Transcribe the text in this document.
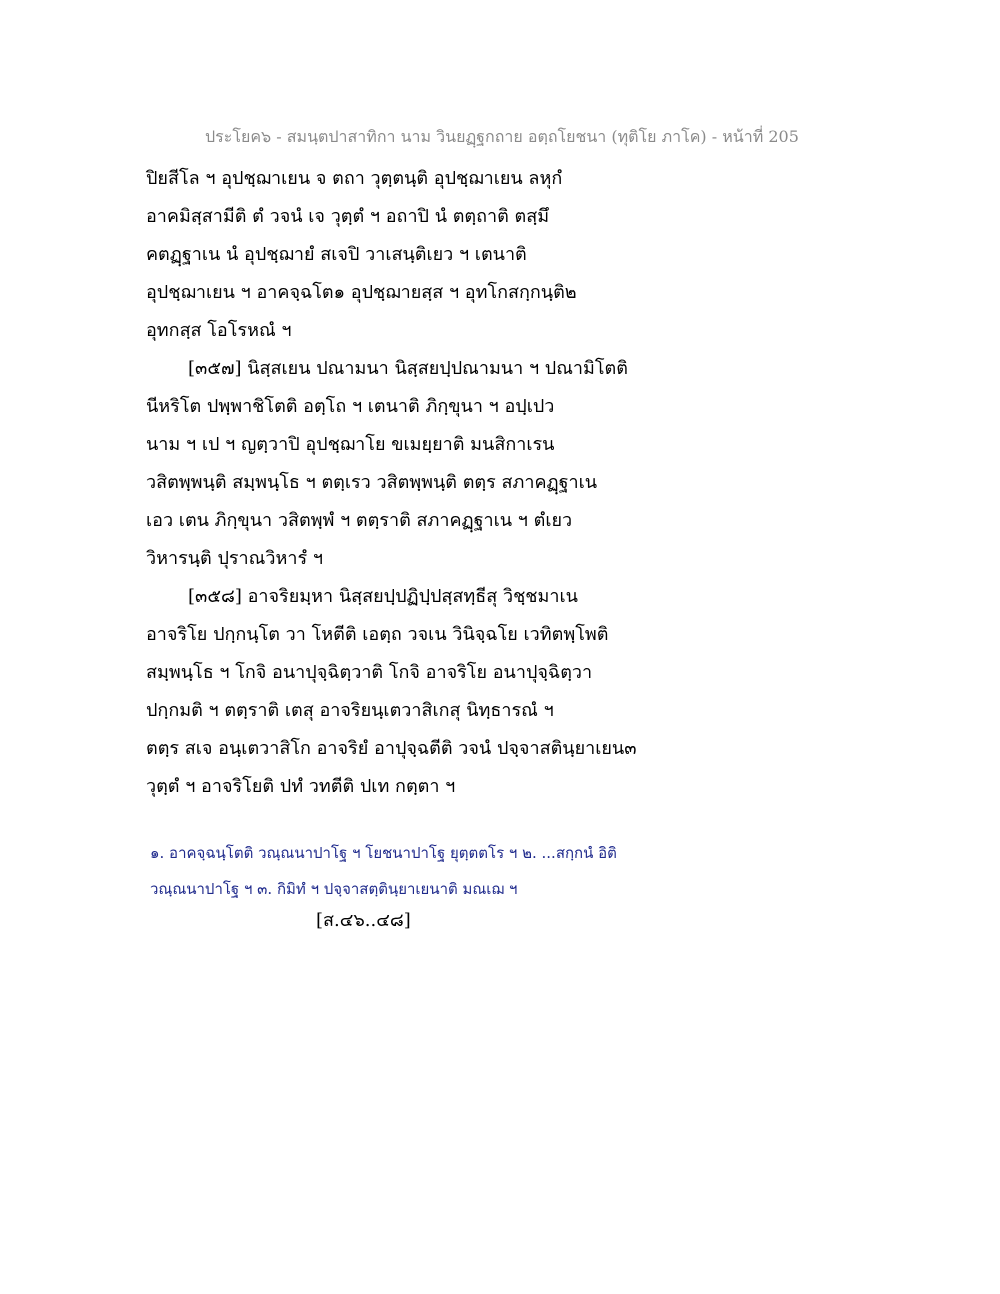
ประโยค๖ - สมนฺตปาสาทิกา นาม วินยฏฺฐกถาย อตฺถโยชนา (ทุติโย ภาโค) - หน้าที่ 205
ปิยสีโล ฯ อุปชฺฌาเยน จ ตถา วุตฺตนฺติ อุปชฺฌาเยน ลหุกํ
อาคมิสฺสามีติ ตํ วจนํ เจ วุตฺตํ ฯ อถาปิ นํ ตตฺถาติ ตสฺมึ
คตฏฺฐาเน นํ อุปชฺฌายํ สเจปิ วาเสนฺติเยว ฯ เตนาติ
อุปชฺฌาเยน ฯ อาคจฺฉโต๑ อุปชฺฌายสฺส ฯ อุทโกสกฺกนฺติ๒
อุทกสฺส โอโรหณํ ฯ
[๓๕๗] นิสฺสเยน ปณามนา นิสฺสยปฺปณามนา ฯ ปณามิโตติ
นีหริโต ปพฺพาชิโตติ อตฺโถ ฯ เตนาติ ภิกฺขุนา ฯ อปฺเปว
นาม ฯ เป ฯ ญตฺวาปิ อุปชฺฌาโย ขเมยฺยาติ มนสิกาเรน
วสิตพฺพนฺติ สมฺพนฺโธ ฯ ตตฺเรว วสิตพฺพนฺติ ตตฺร สภาคฏฺฐาเน
เอว เตน ภิกฺขุนา วสิตพฺพํ ฯ ตตฺราติ สภาคฏฺฐาเน ฯ ตํเยว
วิหารนฺติ ปุราณวิหารํ ฯ
[๓๕๘] อาจริยมฺหา นิสฺสยปฺปฏิปฺปสฺสทฺธีสุ วิชฺชมาเน
อาจริโย ปกฺกนฺโต วา โหตีติ เอตฺถ วจเน วินิจฺฉโย เวทิตพฺโพติ
สมฺพนฺโธ ฯ โกจิ อนาปุจฺฉิตฺวาติ โกจิ อาจริโย อนาปุจฺฉิตฺวา
ปกฺกมติ ฯ ตตฺราติ เตสุ อาจริยนฺเตวาสิเกสุ นิทฺธารณํ ฯ
ตตฺร สเจ อนฺเตวาสิโก อาจริยํ อาปุจฺฉตีติ วจนํ ปจฺจาสตินฺยาเยน๓
วุตฺตํ ฯ อาจริโยติ ปทํ วทตีติ ปเท กตฺตา ฯ
๑. อาคจฺฉนฺโตติ วณฺณนาปาโฐ ฯ โยชนาปาโฐ ยุตฺตตโร ฯ ๒. ...สกฺกนํ อิติ
วณฺณนาปาโฐ ฯ ๓. กิมิทํ ฯ ปจฺจาสตฺตินฺยาเยนาติ มณเฌ ฯ
[ส.๔๖..๔๘]
